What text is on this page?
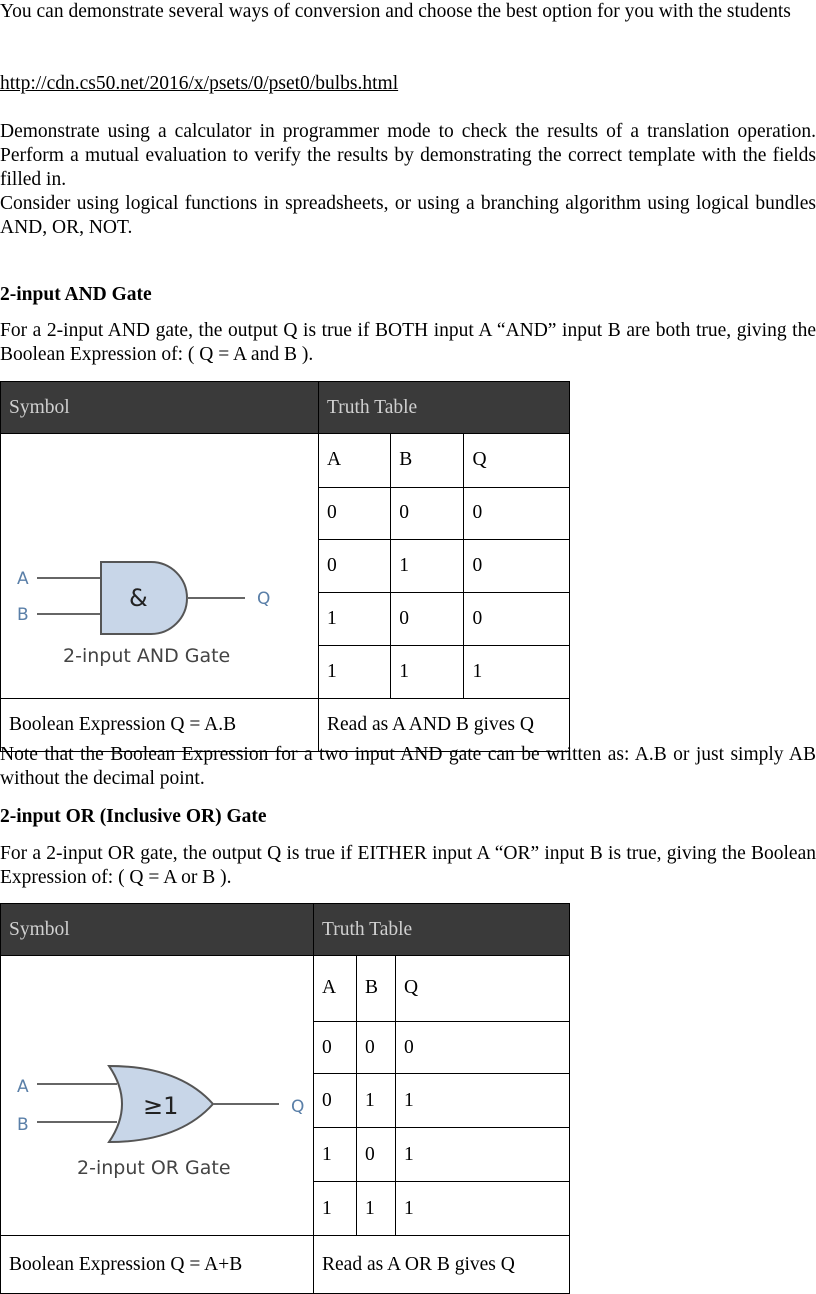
You can demonstrate several ways of conversion and choose the best option for you with the students

http://cdn.cs50.net/2016/x/psets/0/pset0/bulbs.html

Demonstrate using a calculator in programmer mode to check the results of a translation operation. Perform a mutual evaluation to verify the results by demonstrating the correct template with the fields filled in.

Consider using logical functions in spreadsheets, or using a branching algorithm using logical bundles AND, OR, NOT.

2-input AND Gate

For a 2-input AND gate, the output Q is true if BOTH input A “AND” input B are both true, giving the Boolean Expression of: ( Q = A and B ).

Symbol	Truth Table		

A
B
Q
&
2-input AND Gate	A	B	Q
	0	0	0
	0	1	0
	1	0	0
	1	1	1
Boolean Expression Q = A.B	Read as A AND B gives Q		

Note that the Boolean Expression for a two input AND gate can be written as: A.B or just simply AB without the decimal point.

2-input OR (Inclusive OR) Gate

For a 2-input OR gate, the output Q is true if EITHER input A “OR” input B is true, giving the Boolean Expression of: ( Q = A or B ).

Symbol	Truth Table		

A
B
Q
≥1
2-input OR Gate	A	B	Q
	0	0	0
	0	1	1
	1	0	1
	1	1	1
Boolean Expression Q = A+B	Read as A OR B gives Q		
